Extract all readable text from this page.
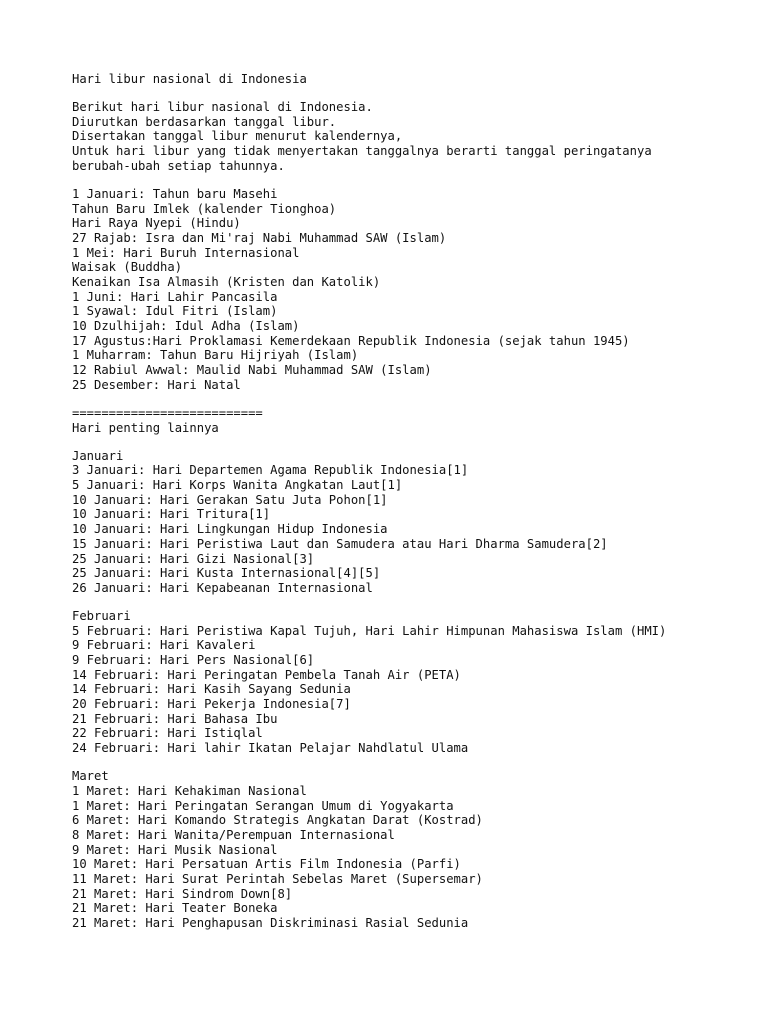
Hari libur nasional di Indonesia
Berikut hari libur nasional di Indonesia.
Diurutkan berdasarkan tanggal libur.
Disertakan tanggal libur menurut kalendernya,
Untuk hari libur yang tidak menyertakan tanggalnya berarti tanggal peringatanya
berubah-ubah setiap tahunnya.
1 Januari: Tahun baru Masehi
Tahun Baru Imlek (kalender Tionghoa)
Hari Raya Nyepi (Hindu)
27 Rajab: Isra dan Mi'raj Nabi Muhammad SAW (Islam)
1 Mei: Hari Buruh Internasional
Waisak (Buddha)
Kenaikan Isa Almasih (Kristen dan Katolik)
1 Juni: Hari Lahir Pancasila
1 Syawal: Idul Fitri (Islam)
10 Dzulhijah: Idul Adha (Islam)
17 Agustus:Hari Proklamasi Kemerdekaan Republik Indonesia (sejak tahun 1945)
1 Muharram: Tahun Baru Hijriyah (Islam)
12 Rabiul Awwal: Maulid Nabi Muhammad SAW (Islam)
25 Desember: Hari Natal
==========================
Hari penting lainnya
Januari
3 Januari: Hari Departemen Agama Republik Indonesia[1]
5 Januari: Hari Korps Wanita Angkatan Laut[1]
10 Januari: Hari Gerakan Satu Juta Pohon[1]
10 Januari: Hari Tritura[1]
10 Januari: Hari Lingkungan Hidup Indonesia
15 Januari: Hari Peristiwa Laut dan Samudera atau Hari Dharma Samudera[2]
25 Januari: Hari Gizi Nasional[3]
25 Januari: Hari Kusta Internasional[4][5]
26 Januari: Hari Kepabeanan Internasional
Februari
5 Februari: Hari Peristiwa Kapal Tujuh, Hari Lahir Himpunan Mahasiswa Islam (HMI)
9 Februari: Hari Kavaleri
9 Februari: Hari Pers Nasional[6]
14 Februari: Hari Peringatan Pembela Tanah Air (PETA)
14 Februari: Hari Kasih Sayang Sedunia
20 Februari: Hari Pekerja Indonesia[7]
21 Februari: Hari Bahasa Ibu
22 Februari: Hari Istiqlal
24 Februari: Hari lahir Ikatan Pelajar Nahdlatul Ulama
Maret
1 Maret: Hari Kehakiman Nasional
1 Maret: Hari Peringatan Serangan Umum di Yogyakarta
6 Maret: Hari Komando Strategis Angkatan Darat (Kostrad)
8 Maret: Hari Wanita/Perempuan Internasional
9 Maret: Hari Musik Nasional
10 Maret: Hari Persatuan Artis Film Indonesia (Parfi)
11 Maret: Hari Surat Perintah Sebelas Maret (Supersemar)
21 Maret: Hari Sindrom Down[8]
21 Maret: Hari Teater Boneka
21 Maret: Hari Penghapusan Diskriminasi Rasial Sedunia
